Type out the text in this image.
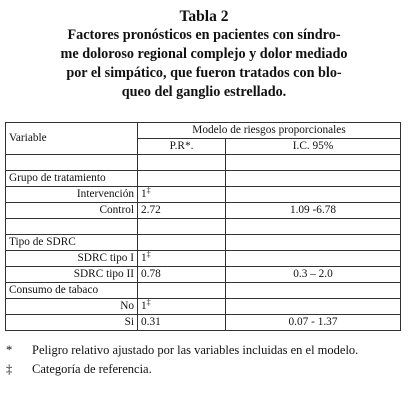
Tabla 2
Factores pronósticos en pacientes con síndro-
me doloroso regional complejo y dolor mediado
por el simpático, que fueron tratados con blo-
queo del ganglio estrellado.
Variable	Modelo de riesgos proporcionales	
	P.R*.	I.C. 95%

Grupo de tratamiento		
Intervención	1‡	
Control	2.72	1.09 -6.78

Tipo de SDRC		
SDRC tipo I	1‡	
SDRC tipo II	0.78	0.3 – 2.0
Consumo de tabaco		
No	1‡	
Si	0.31	0.07 - 1.37
*	Peligro relativo ajustado por las variables incluidas en el modelo.
‡	Categoría de referencia.
